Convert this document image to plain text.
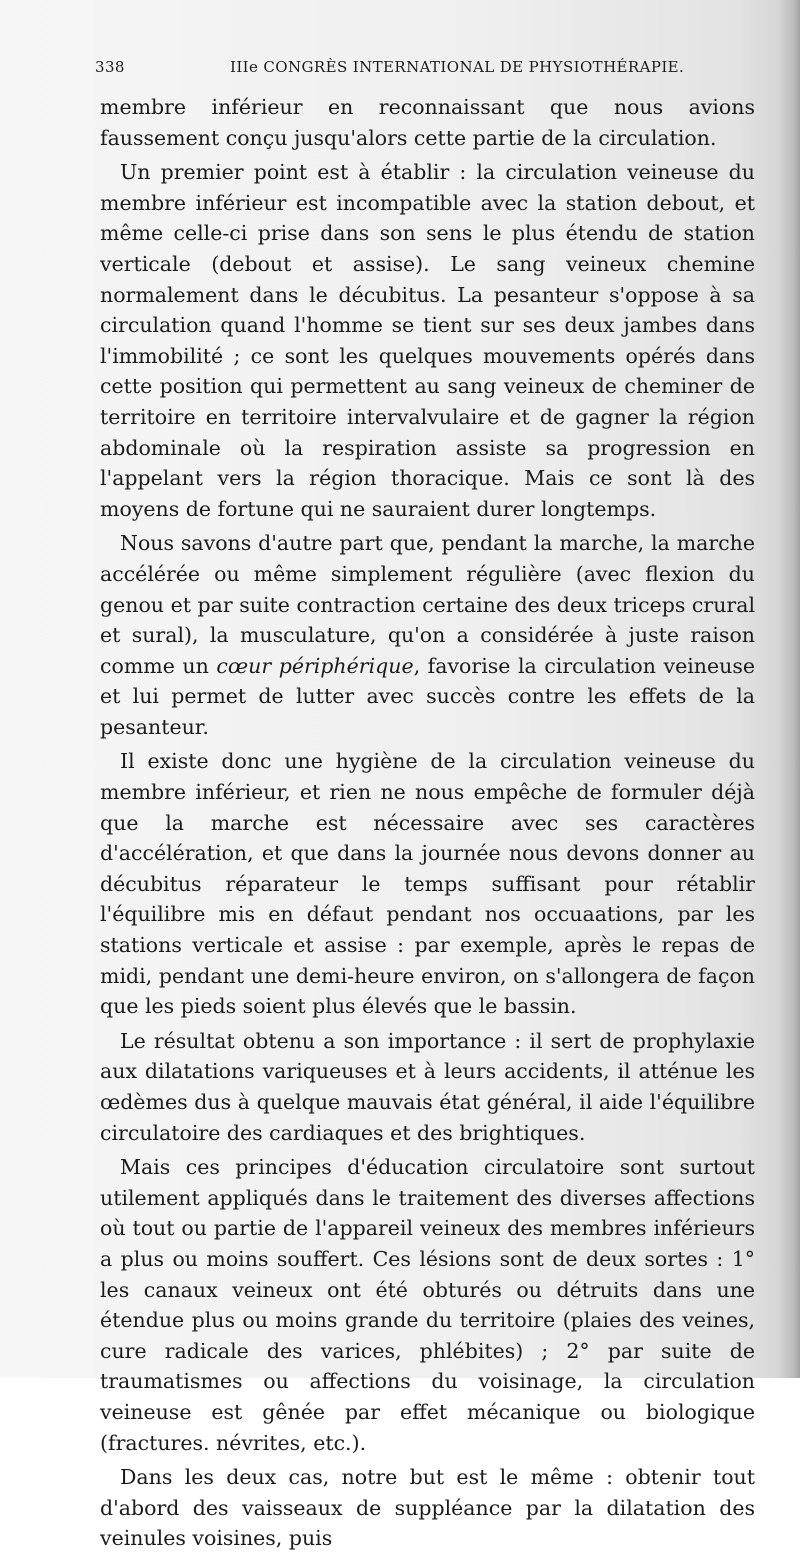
338	IIIe CONGRÈS INTERNATIONAL DE PHYSIOTHÉRAPIE.

membre inférieur en reconnaissant que nous avions faussement conçu jusqu'alors cette partie de la circulation.

Un premier point est à établir : la circulation veineuse du membre inférieur est incompatible avec la station debout, et même celle-ci prise dans son sens le plus étendu de station verticale (debout et assise). Le sang veineux chemine normalement dans le décubitus. La pesanteur s'oppose à sa circulation quand l'homme se tient sur ses deux jambes dans l'immobilité ; ce sont les quelques mouvements opérés dans cette position qui permettent au sang veineux de cheminer de territoire en territoire intervalvulaire et de gagner la région abdominale où la respiration assiste sa progression en l'appelant vers la région thoracique. Mais ce sont là des moyens de fortune qui ne sauraient durer longtemps.

Nous savons d'autre part que, pendant la marche, la marche accélérée ou même simplement régulière (avec flexion du genou et par suite contraction certaine des deux triceps crural et sural), la musculature, qu'on a considérée à juste raison comme un cœur périphérique, favorise la circulation veineuse et lui permet de lutter avec succès contre les effets de la pesanteur.

Il existe donc une hygiène de la circulation veineuse du membre inférieur, et rien ne nous empêche de formuler déjà que la marche est nécessaire avec ses caractères d'accélération, et que dans la journée nous devons donner au décubitus réparateur le temps suffisant pour rétablir l'équilibre mis en défaut pendant nos occuaations, par les stations verticale et assise : par exemple, après le repas de midi, pendant une demi-heure environ, on s'allongera de façon que les pieds soient plus élevés que le bassin.

Le résultat obtenu a son importance : il sert de prophylaxie aux dilatations variqueuses et à leurs accidents, il atténue les œdèmes dus à quelque mauvais état général, il aide l'équilibre circulatoire des cardiaques et des brightiques.

Mais ces principes d'éducation circulatoire sont surtout utilement appliqués dans le traitement des diverses affections où tout ou partie de l'appareil veineux des membres inférieurs a plus ou moins souffert. Ces lésions sont de deux sortes : 1° les canaux veineux ont été obturés ou détruits dans une étendue plus ou moins grande du territoire (plaies des veines, cure radicale des varices, phlébites) ; 2° par suite de traumatismes ou affections du voisinage, la circulation veineuse est gênée par effet mécanique ou biologique (fractures. névrites, etc.).

Dans les deux cas, notre but est le même : obtenir tout d'abord des vaisseaux de suppléance par la dilatation des veinules voisines, puis
